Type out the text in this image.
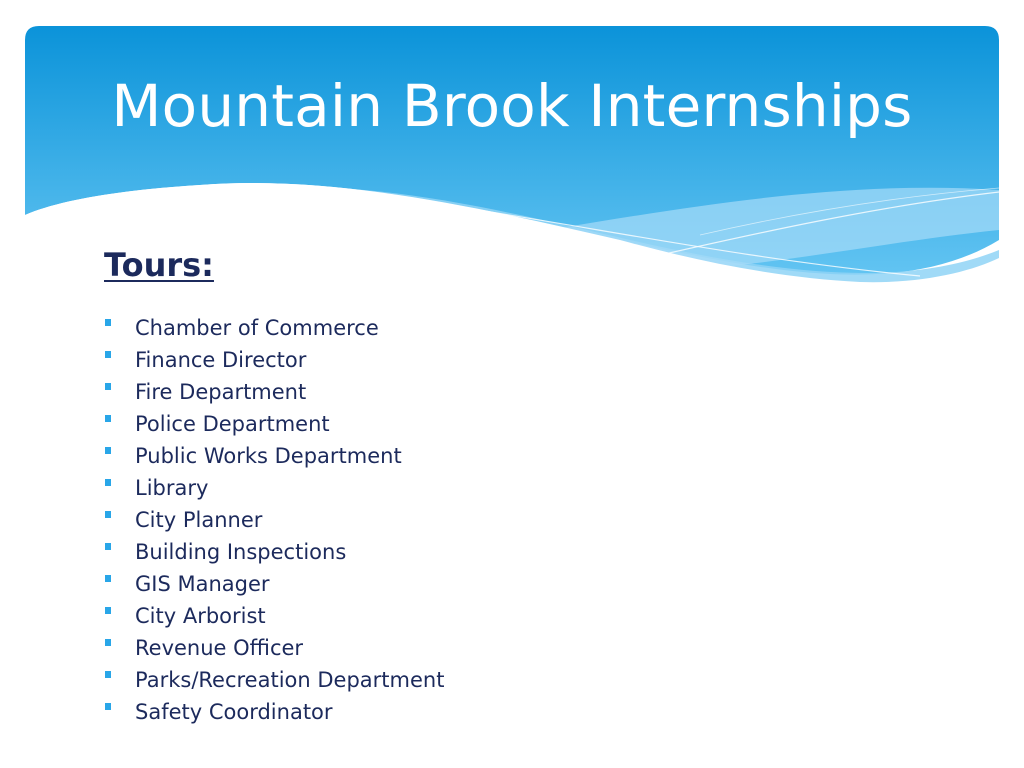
Mountain Brook Internships
Tours:
Chamber of Commerce
Finance Director
Fire Department
Police Department
Public Works Department
Library
City Planner
Building Inspections
GIS Manager
City Arborist
Revenue Officer
Parks/Recreation Department
Safety Coordinator
